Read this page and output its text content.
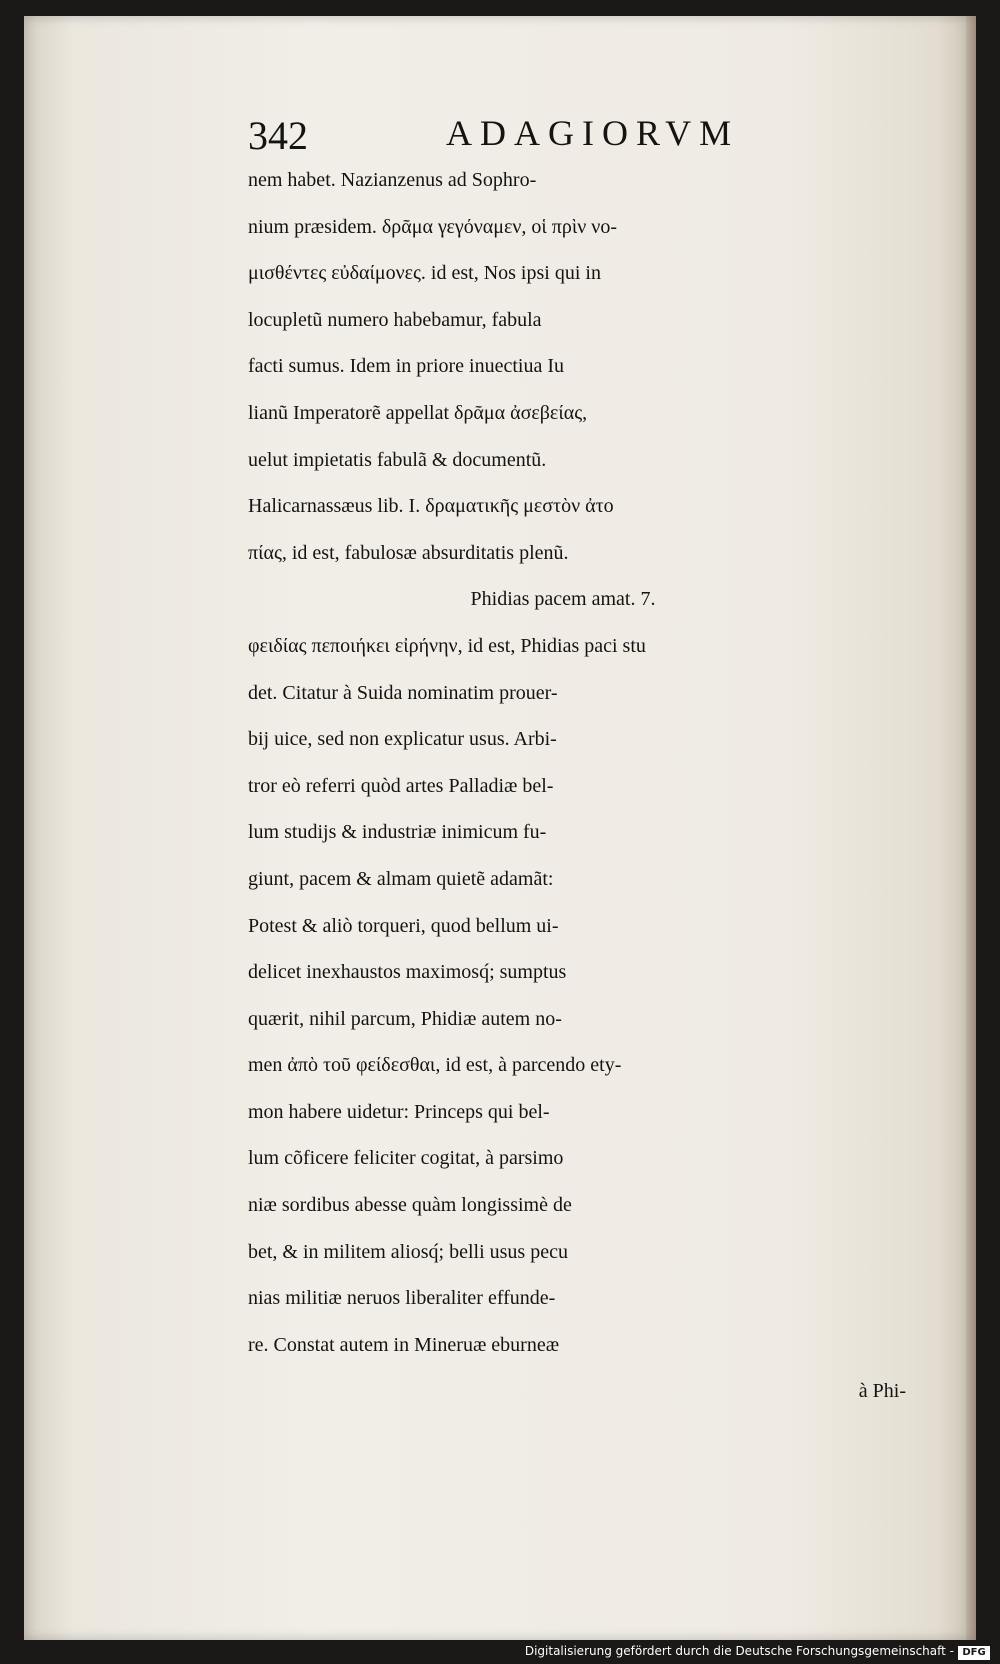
342	ADAGIORVM
nem habet. Nazianzenus ad Sophro-
nium præsidem. δρᾶμα γεγόναμεν, οἱ πρὶν νο-
μισθέντες εὐδαίμονες. id est, Nos ipsi qui in
locupletũ numero habebamur, fabula
facti sumus. Idem in priore inuectiua Iu
lianũ Imperatorẽ appellat δρᾶμα ἀσεβείας,
uelut impietatis fabulã & documentũ.
Halicarnassæus lib. I. δραματικῆς μεστὸν ἀτο
πίας, id est, fabulosæ absurditatis plenũ.
Phidias pacem amat. 7.
φειδίας πεποιήκει εἰρήνην, id est, Phidias paci stu
det. Citatur à Suida nominatim prouer-
bij uice, sed non explicatur usus. Arbi-
tror eò referri quòd artes Palladiæ bel-
lum studijs & industriæ inimicum fu-
giunt, pacem & almam quietẽ adamãt:
Potest & aliò torqueri, quod bellum ui-
delicet inexhaustos maximosq́; sumptus
quærit, nihil parcum, Phidiæ autem no-
men ἀπὸ τοῦ φείδεσθαι, id est, à parcendo ety-
mon habere uidetur: Princeps qui bel-
lum cõficere feliciter cogitat, à parsimo
niæ sordibus abesse quàm longissimè de
bet, & in militem aliosq́; belli usus pecu
nias militiæ neruos liberaliter effunde-
re. Constat autem in Mineruæ eburneæ
à Phi-
Digitalisierung gefördert durch die Deutsche Forschungsgemeinschaft - DFG
